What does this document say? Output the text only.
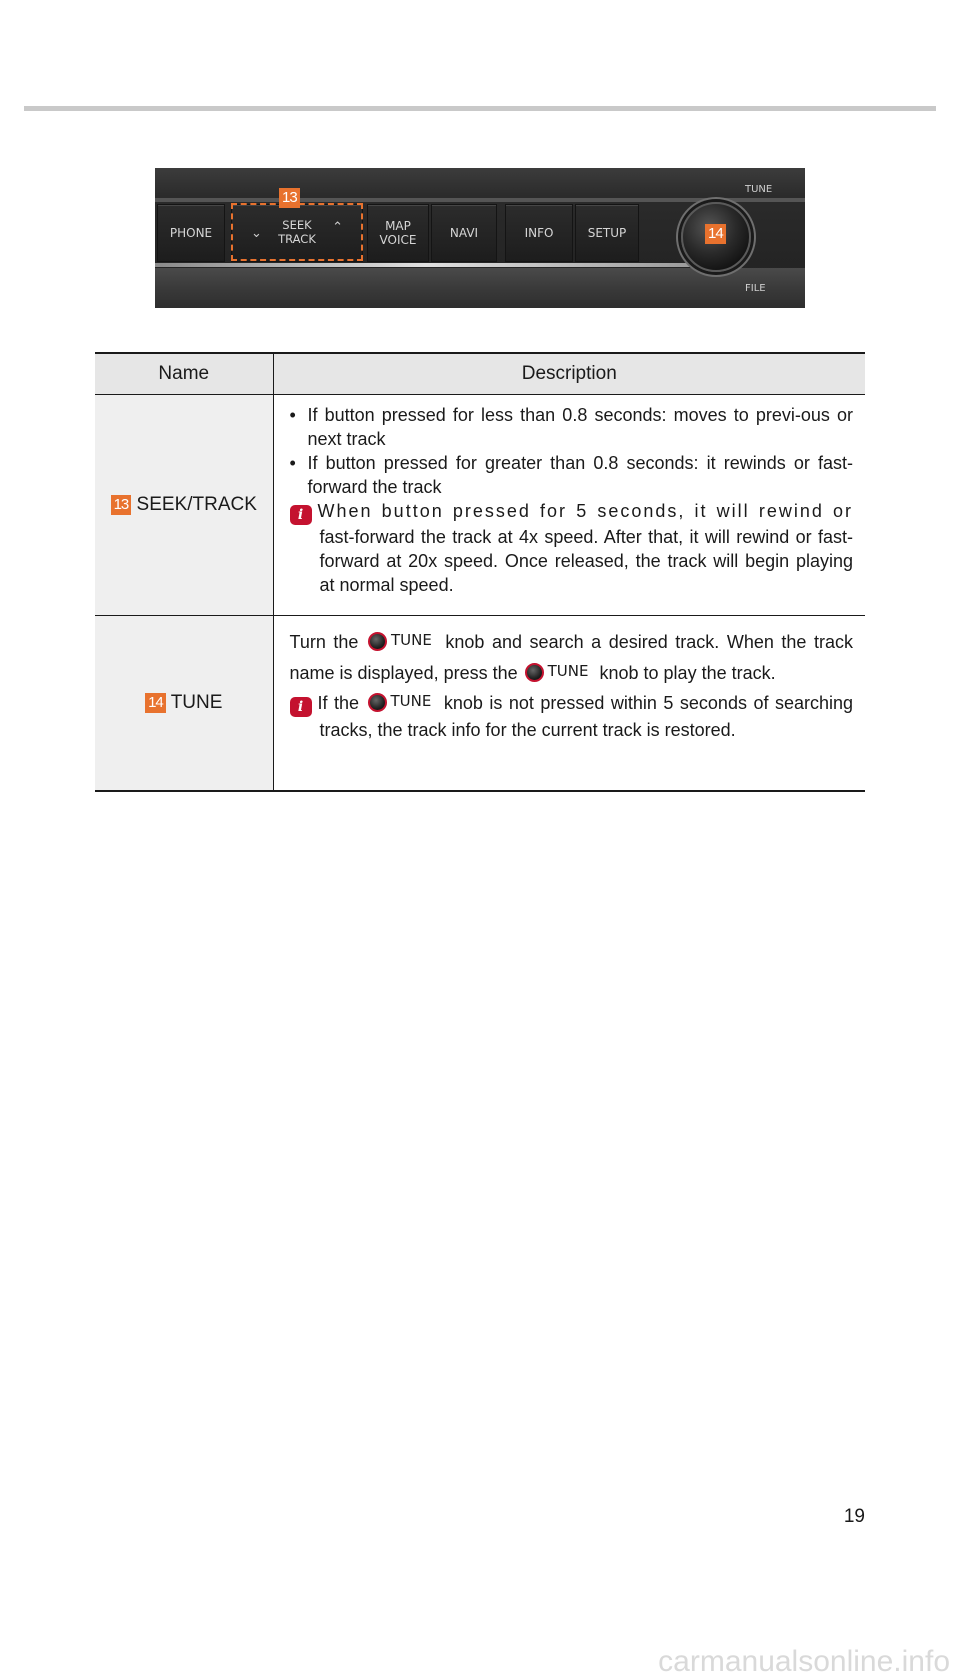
PHONE	⌄	SEEK
TRACK
⌃
13
MAP
VOICE	NAVI	INFO	SETUP
TUNE
14
FILE
Name	Description
13 SEEK/TRACK	• If button pressed for less than 0.8 seconds: moves to previ-ous or next track
• If button pressed for greater than 0.8 seconds: it rewinds or fast-forward the track
i When button pressed for 5 seconds, it will rewind or fast-forward the track at 4x speed. After that, it will rewind or fast-forward at 20x speed. Once released, the track will begin playing at normal speed.

14 TUNE	Turn the TUNE knob and search a desired track. When the track name is displayed, press the TUNE knob to play the track.
i If the TUNE knob is not pressed within 5 seconds of searching tracks, the track info for the current track is restored.
19
carmanualsonline.info
